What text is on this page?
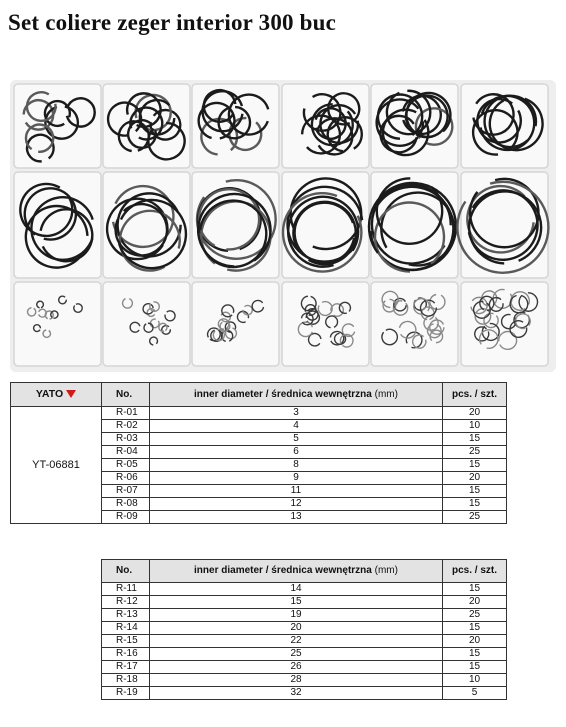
Set coliere zeger interior 300 buc
YATO	No.	inner diameter / średnica wewnętrzna (mm)	pcs. / szt.
YT-06881	R-01	3	20
	R-02	4	10
	R-03	5	15
	R-04	6	25
	R-05	8	15
	R-06	9	20
	R-07	11	15
	R-08	12	15
	R-09	13	25
No.	inner diameter / średnica wewnętrzna (mm)	pcs. / szt.
R-11	14	15
R-12	15	20
R-13	19	25
R-14	20	15
R-15	22	20
R-16	25	15
R-17	26	15
R-18	28	10
R-19	32	5
